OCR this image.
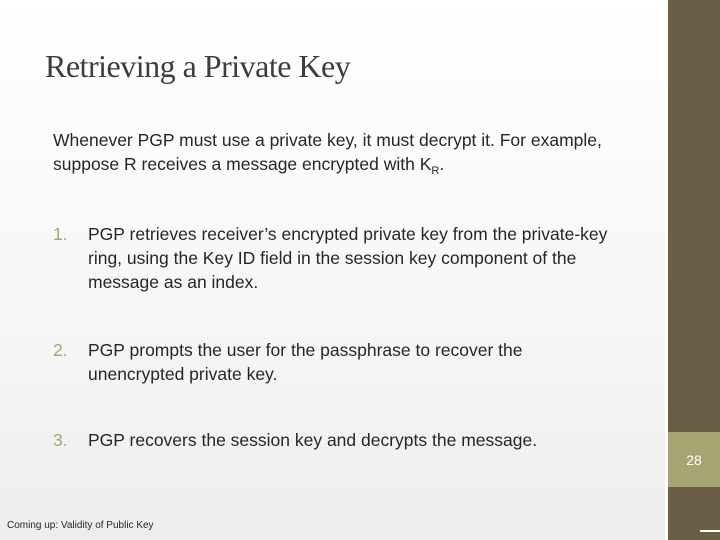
28
Retrieving a Private Key
Whenever PGP must use a private key, it must decrypt it. For example, suppose R receives a message encrypted with $K_R$.
1.	PGP retrieves receiver’s encrypted private key from the private-key ring, using the Key ID field in the session key component of the message as an index.
2.	PGP prompts the user for the passphrase to recover the unencrypted private key.
3.	PGP recovers the session key and decrypts the message.
Coming up: Validity of Public Key
